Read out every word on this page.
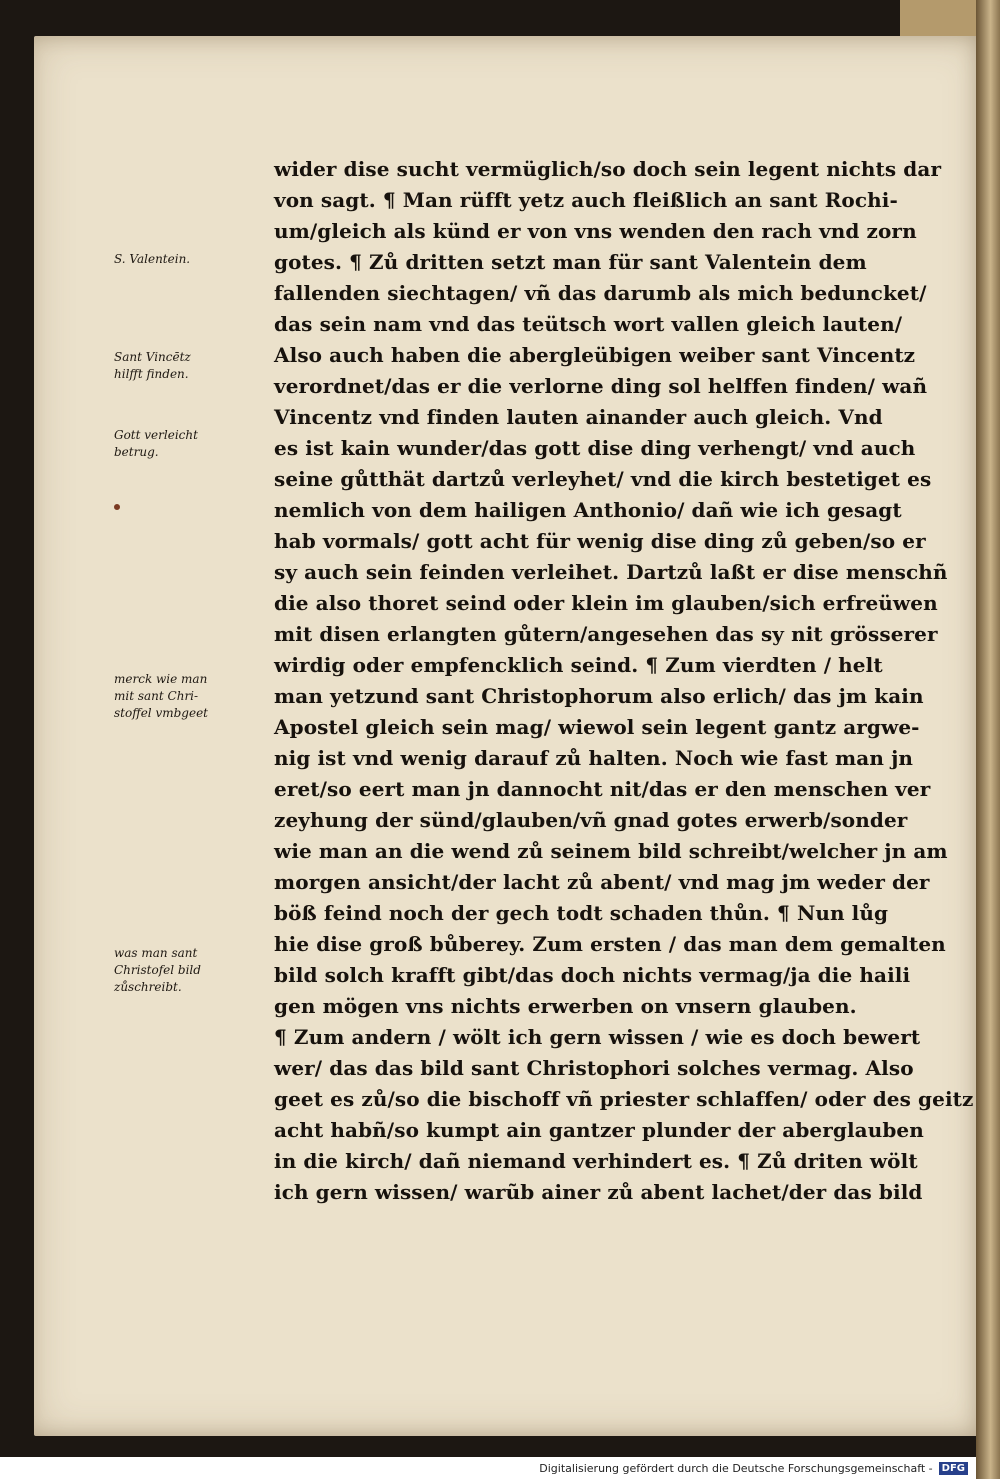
S. Valentein.
Sant Vincētz
hilfft finden.
Gott verleicht
betrug.
merck wie man
mit sant Chri-
stoffel vmbgeet
was man sant
Christofel bild
zůschreibt.
wider dise sucht vermüglich/so doch sein legent nichts dar
von sagt. ¶ Man rüfft yetz auch fleißlich an sant Rochi-
um/gleich als künd er von vns wenden den rach vnd zorn
gotes. ¶ Zů dritten setzt man für sant Valentein dem
fallenden siechtagen/ vñ das darumb als mich beduncket/
das sein nam vnd das teütsch wort vallen gleich lauten/
Also auch haben die abergleübigen weiber sant Vincentz
verordnet/das er die verlorne ding sol helffen finden/ wañ
Vincentz vnd finden lauten ainander auch gleich. Vnd
es ist kain wunder/das gott dise ding verhengt/ vnd auch
seine gůtthät dartzů verleyhet/ vnd die kirch bestetiget es
nemlich von dem hailigen Anthonio/ dañ wie ich gesagt
hab vormals/ gott acht für wenig dise ding zů geben/so er
sy auch sein feinden verleihet. Dartzů laßt er dise menschñ
die also thoret seind oder klein im glauben/sich erfreüwen
mit disen erlangten gůtern/angesehen das sy nit grösserer
wirdig oder empfencklich seind. ¶ Zum vierdten / helt
man yetzund sant Christophorum also erlich/ das jm kain
Apostel gleich sein mag/ wiewol sein legent gantz argwe-
nig ist vnd wenig darauf zů halten. Noch wie fast man jn
eret/so eert man jn dannocht nit/das er den menschen ver
zeyhung der sünd/glauben/vñ gnad gotes erwerb/sonder
wie man an die wend zů seinem bild schreibt/welcher jn am
morgen ansicht/der lacht zů abent/ vnd mag jm weder der
böß feind noch der gech todt schaden thůn. ¶ Nun lůg
hie dise groß bůberey. Zum ersten / das man dem gemalten
bild solch krafft gibt/das doch nichts vermag/ja die haili
gen mögen vns nichts erwerben on vnsern glauben.
¶ Zum andern / wölt ich gern wissen / wie es doch bewert
wer/ das das bild sant Christophori solches vermag. Also
geet es zů/so die bischoff vñ priester schlaffen/ oder des geitz
acht habñ/so kumpt ain gantzer plunder der aberglauben
in die kirch/ dañ niemand verhindert es. ¶ Zů driten wölt
ich gern wissen/ warũb ainer zů abent lachet/der das bild
Digitalisierung gefördert durch die Deutsche Forschungsgemeinschaft - DFG
